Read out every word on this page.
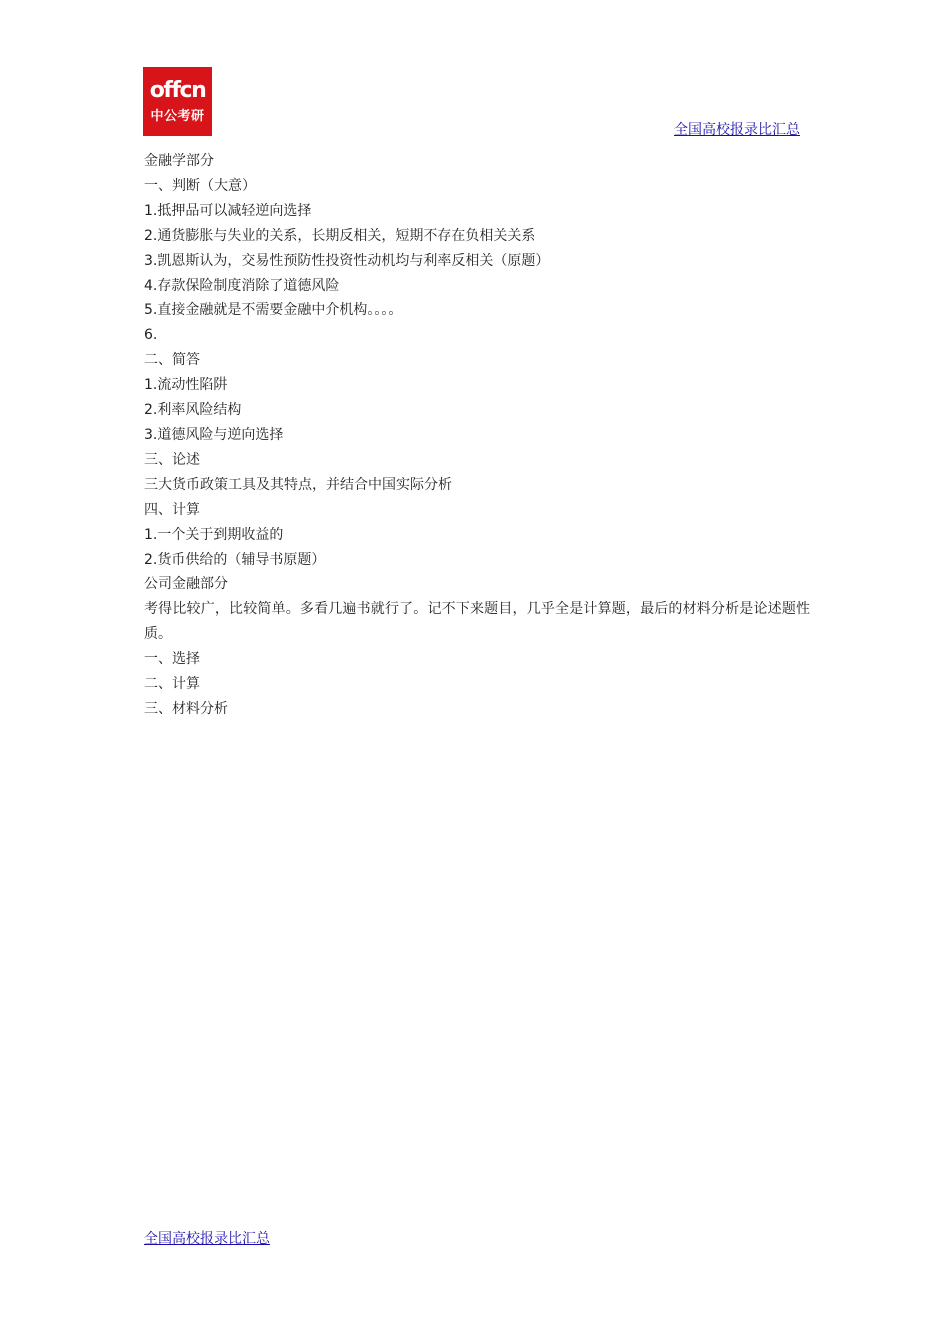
offcn
中公考研
全国高校报录比汇总

金融学部分

一、判断（大意）

1.抵押品可以减轻逆向选择

2.通货膨胀与失业的关系，长期反相关，短期不存在负相关关系

3.凯恩斯认为，交易性预防性投资性动机均与利率反相关（原题）

4.存款保险制度消除了道德风险

5.直接金融就是不需要金融中介机构。。。。

6.

二、简答

1.流动性陷阱

2.利率风险结构

3.道德风险与逆向选择

三、论述

三大货币政策工具及其特点，并结合中国实际分析

四、计算

1.一个关于到期收益的

2.货币供给的（辅导书原题）

公司金融部分

考得比较广，比较简单。多看几遍书就行了。记不下来题目，几乎全是计算题，最后的材料分析是论述题性质。

一、选择

二、计算

三、材料分析

全国高校报录比汇总
